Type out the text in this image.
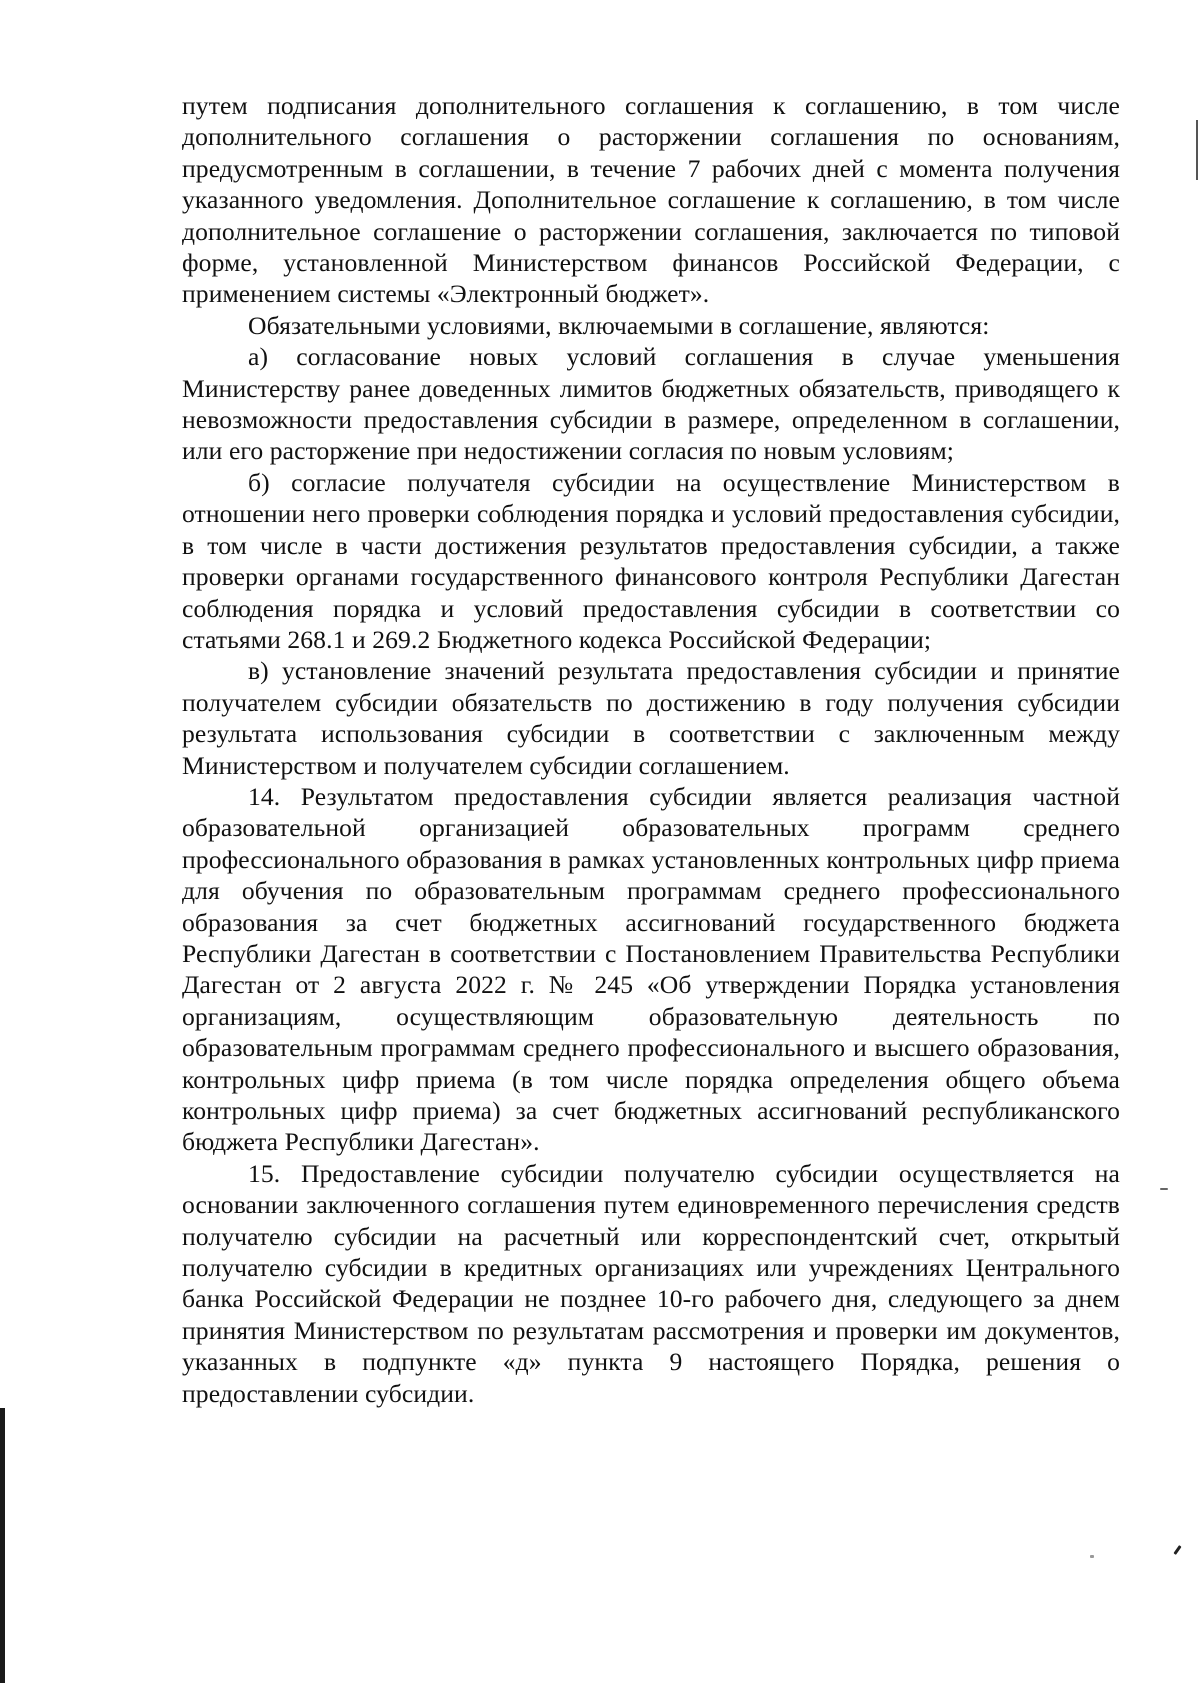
путем подписания дополнительного соглашения к соглашению, в том числе дополнительного соглашения о расторжении соглашения по основаниям, предусмотренным в соглашении, в течение 7 рабочих дней с момента получения указанного уведомления. Дополнительное соглашение к соглашению, в том числе дополнительное соглашение о расторжении соглашения, заключается по типовой форме, установленной Министерством финансов Российской Федерации, с применением системы «Электронный бюджет».

Обязательными условиями, включаемыми в соглашение, являются:

а) согласование новых условий соглашения в случае уменьшения Министерству ранее доведенных лимитов бюджетных обязательств, приводящего к невозможности предоставления субсидии в размере, определенном в соглашении, или его расторжение при недостижении согласия по новым условиям;

б) согласие получателя субсидии на осуществление Министерством в отношении него проверки соблюдения порядка и условий предоставления субсидии, в том числе в части достижения результатов предоставления субсидии, а также проверки органами государственного финансового контроля Республики Дагестан соблюдения порядка и условий предоставления субсидии в соответствии со статьями 268.1 и 269.2 Бюджетного кодекса Российской Федерации;

в) установление значений результата предоставления субсидии и принятие получателем субсидии обязательств по достижению в году получения субсидии результата использования субсидии в соответствии с заключенным между Министерством и получателем субсидии соглашением.

14. Результатом предоставления субсидии является реализация частной образовательной организацией образовательных программ среднего профессионального образования в рамках установленных контрольных цифр приема для обучения по образовательным программам среднего профессионального образования за счет бюджетных ассигнований государственного бюджета Республики Дагестан в соответствии с Постановлением Правительства Республики Дагестан от 2 августа 2022 г. № 245 «Об утверждении Порядка установления организациям, осуществляющим образовательную деятельность по образовательным программам среднего профессионального и высшего образования, контрольных цифр приема (в том числе порядка определения общего объема контрольных цифр приема) за счет бюджетных ассигнований республиканского бюджета Республики Дагестан».

15. Предоставление субсидии получателю субсидии осуществляется на основании заключенного соглашения путем единовременного перечисления средств получателю субсидии на расчетный или корреспондентский счет, открытый получателю субсидии в кредитных организациях или учреждениях Центрального банка Российской Федерации не позднее 10-го рабочего дня, следующего за днем принятия Министерством по результатам рассмотрения и проверки им документов, указанных в подпункте «д» пункта 9 настоящего Порядка, решения о предоставлении субсидии.
